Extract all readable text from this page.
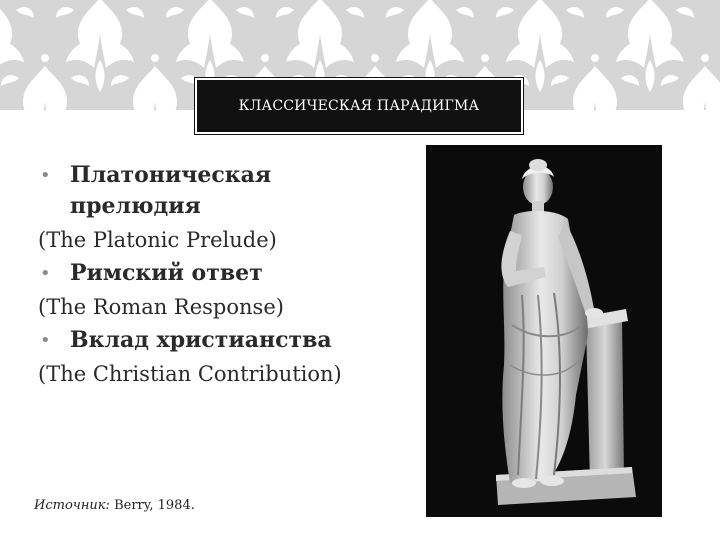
КЛАССИЧЕСКАЯ ПАРАДИГМА
• Платоническая
прелюдия
(The Platonic Prelude)
• Римский ответ
(The Roman Response)
• Вклад христианства
(The Christian Contribution)
Источник: Berry, 1984.
